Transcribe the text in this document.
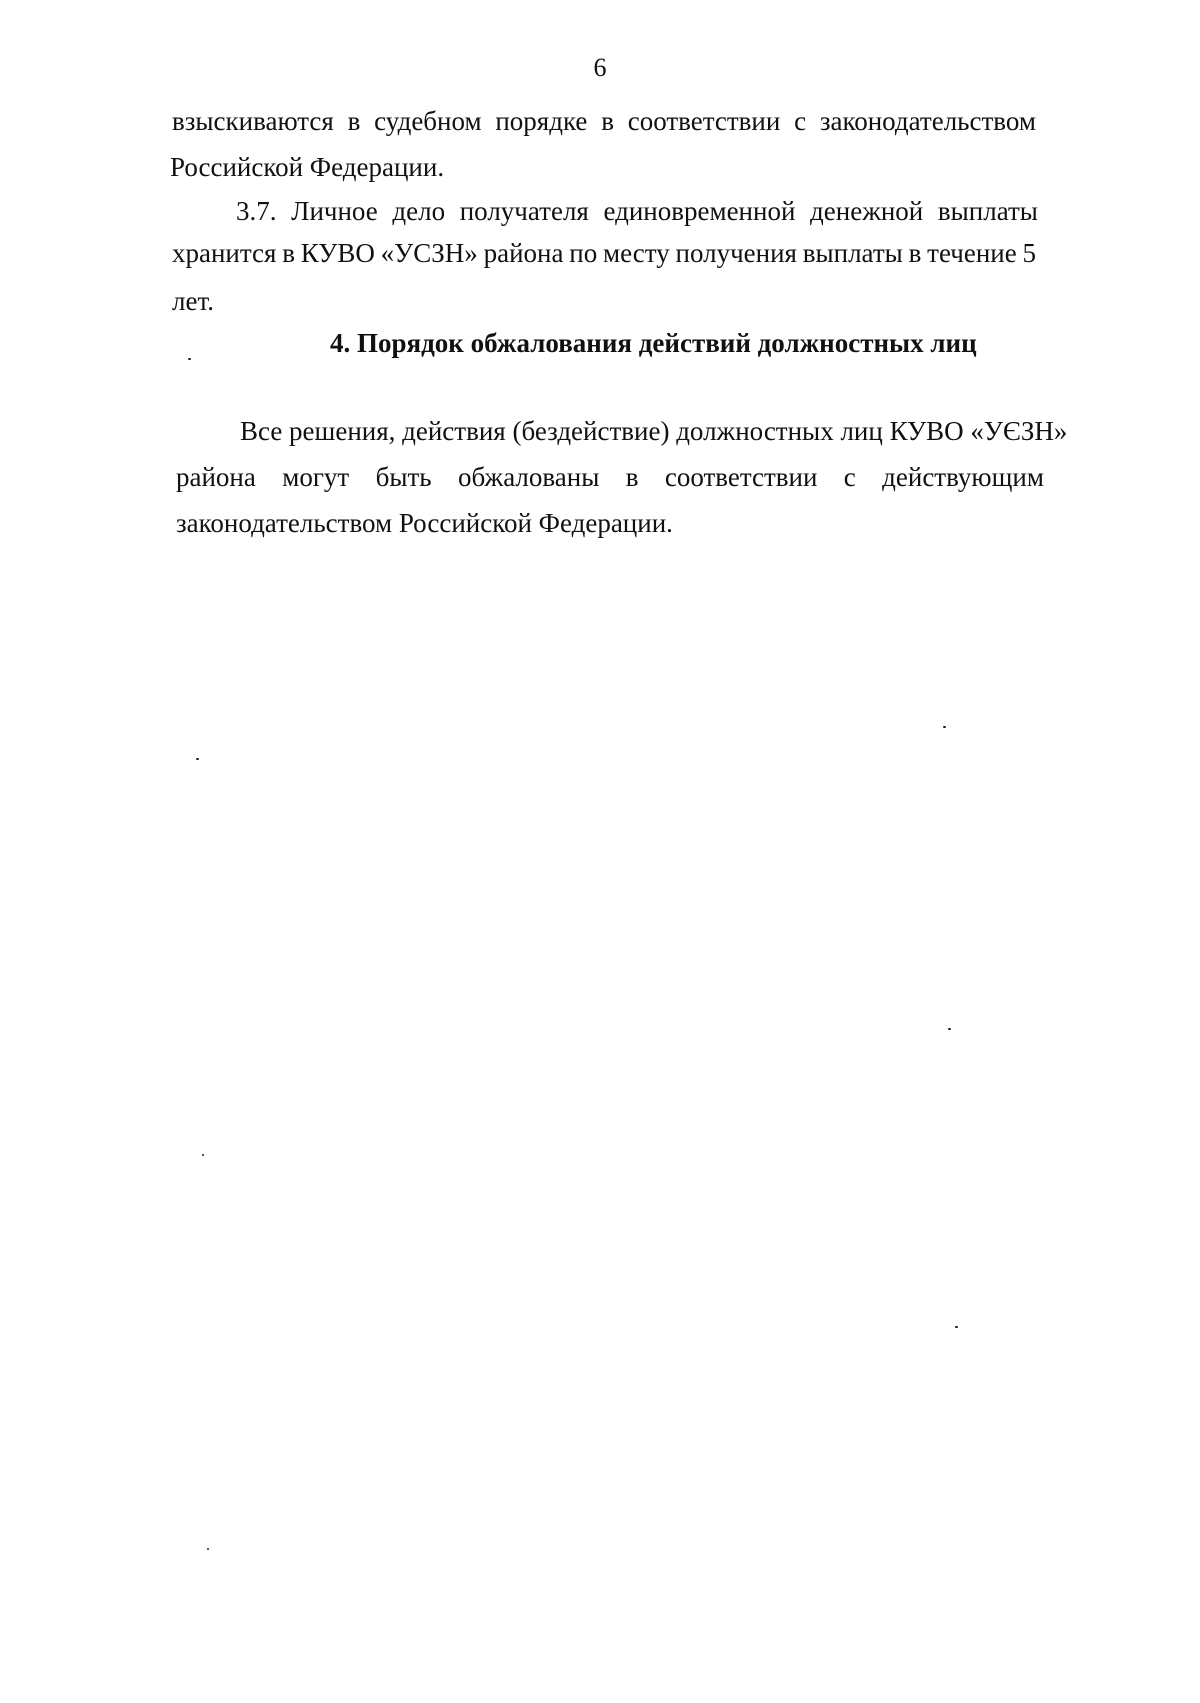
6
взыскиваются в судебном порядке в соответствии с законодательством
Российской Федерации.
3.7. Личное дело получателя единовременной денежной выплаты
хранится в КУВО «УСЗН» района по месту получения выплаты в течение 5
лет.
4. Порядок обжалования действий должностных лиц
Все решения, действия (бездействие) должностных лиц КУВО «УЄЗН»
района могут быть обжалованы в соответствии с действующим
законодательством Российской Федерации.
